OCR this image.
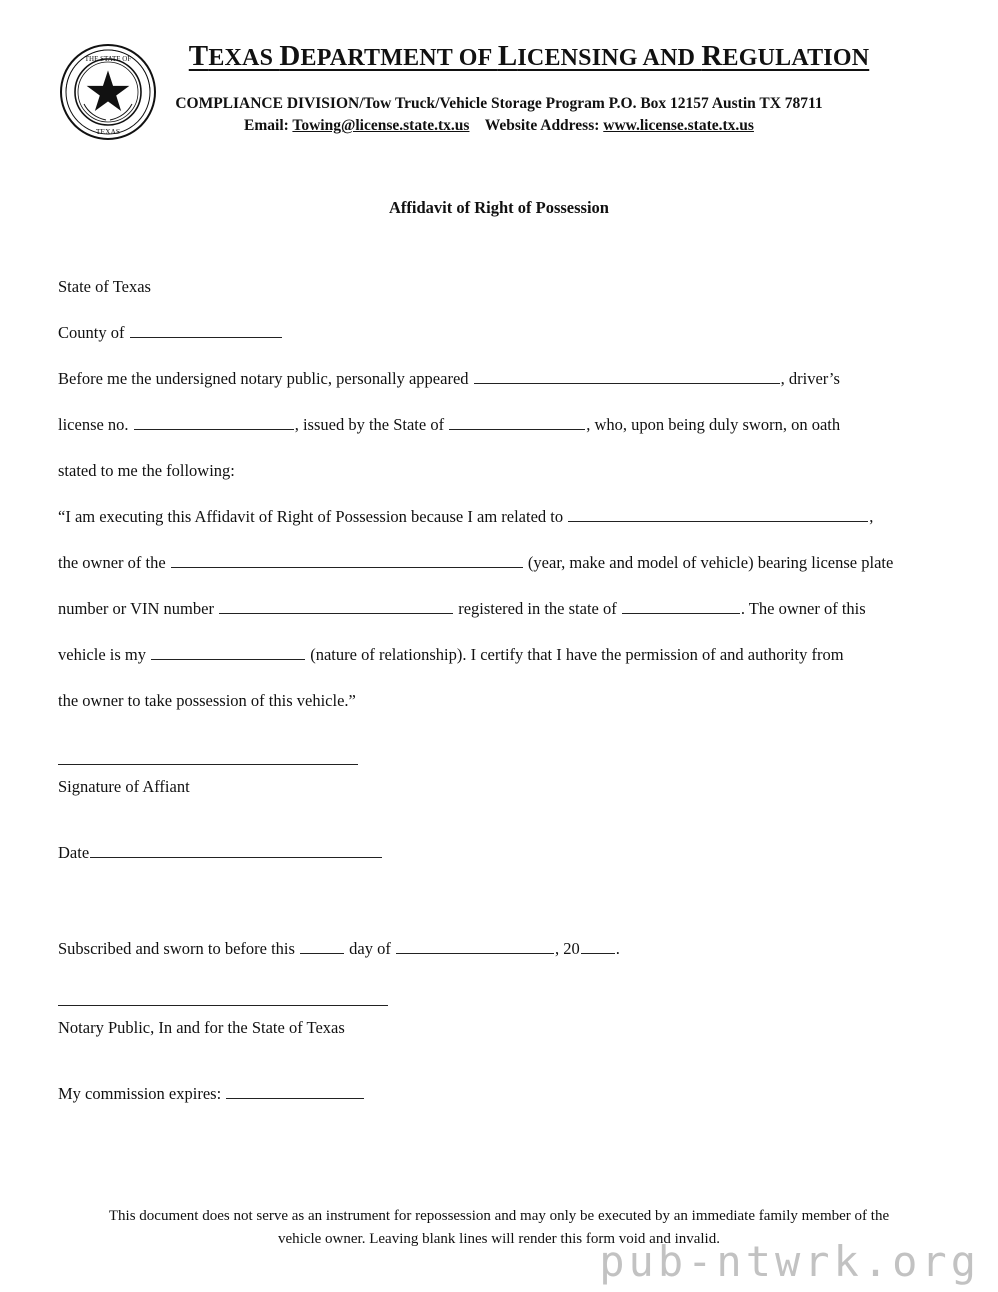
THE STATE OF
TEXAS
TEXAS DEPARTMENT OF LICENSING AND REGULATION
COMPLIANCE DIVISION/Tow Truck/Vehicle Storage Program P.O. Box 12157 Austin TX 78711
Email: Towing@license.state.tx.us Website Address: www.license.state.tx.us
Affidavit of Right of Possession

State of Texas

County of

Before me the undersigned notary public, personally appeared	, driver’s

license no.	, issued by the State of	, who, upon being duly sworn, on oath

stated to me the following:

“I am executing this Affidavit of Right of Possession because I am related to	,

the owner of the	(year, make and model of vehicle) bearing license plate

number or VIN number	registered in the state of	. The owner of this

vehicle is my	(nature of relationship). I certify that I have the permission of and authority from

the owner to take possession of this vehicle.”

Signature of Affiant
Date
Subscribed and sworn to before this	day of	, 20 .
Notary Public, In and for the State of Texas
My commission expires:
This document does not serve as an instrument for repossession and may only be executed by an immediate family member of the
vehicle owner. Leaving blank lines will render this form void and invalid.
pub-ntwrk.org
